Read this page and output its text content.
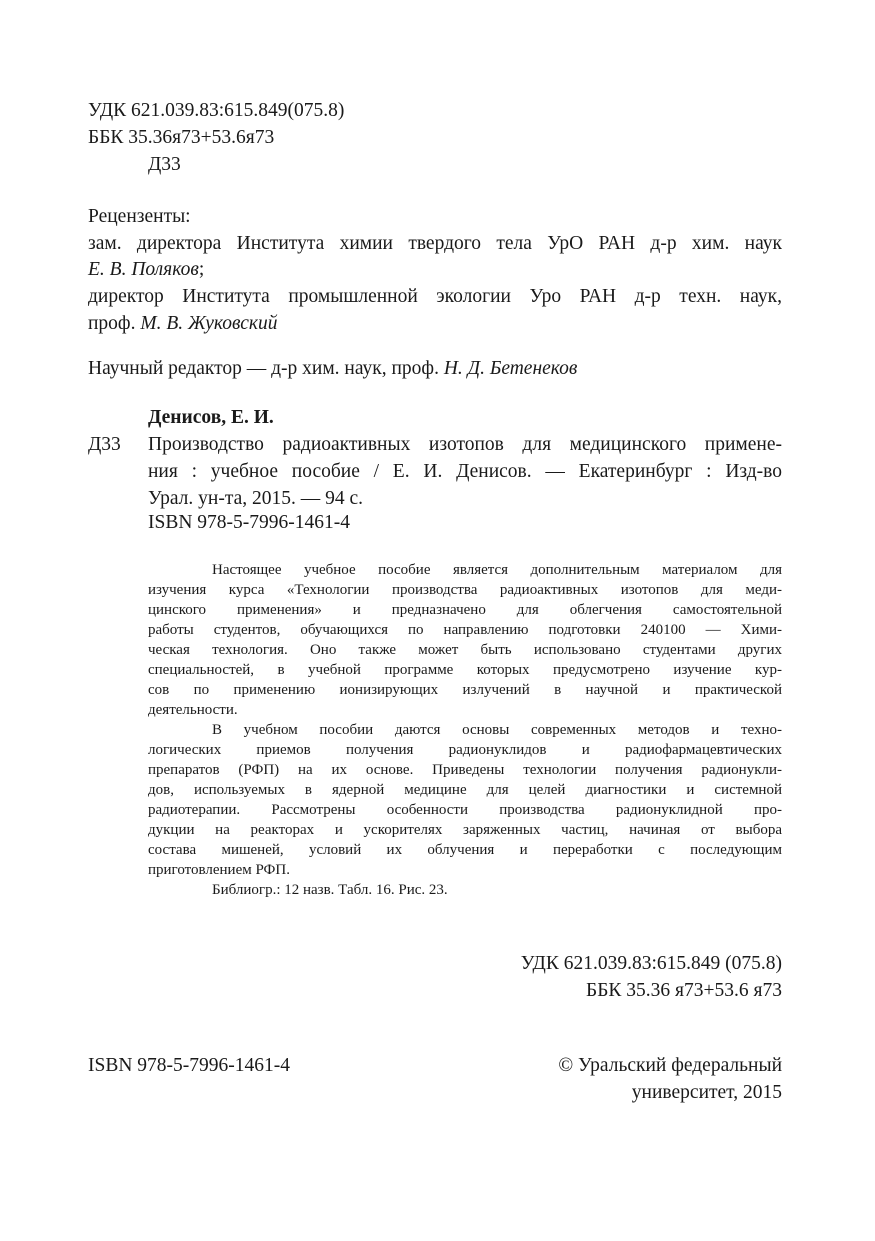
УДК 621.039.83:615.849(075.8)
ББК 35.36я73+53.6я73
Д33
Рецензенты:
зам. директора Института химии твердого тела УрО РАН д-р хим. наук
Е. В. Поляков;
директор Института промышленной экологии Уро РАН д-р техн. наук,
проф. М. В. Жуковский
Научный редактор — д-р хим. наук, проф. Н. Д. Бетенеков
Денисов, Е. И.
Д33 Производство радиоактивных изотопов для медицинского примене-
ния : учебное пособие / Е. И. Денисов. — Екатеринбург : Изд-во
Урал. ун-та, 2015. — 94 с.
ISBN 978-5-7996-1461-4
Настоящее учебное пособие является дополнительным материалом для
изучения курса «Технологии производства радиоактивных изотопов для меди-
цинского применения» и предназначено для облегчения самостоятельной
работы студентов, обучающихся по направлению подготовки 240100 — Хими-
ческая технология. Оно также может быть использовано студентами других
специальностей, в учебной программе которых предусмотрено изучение кур-
сов по применению ионизирующих излучений в научной и практической
деятельности.
В учебном пособии даются основы современных методов и техно-
логических приемов получения радионуклидов и радиофармацевтических
препаратов (РФП) на их основе. Приведены технологии получения радионукли-
дов, используемых в ядерной медицине для целей диагностики и системной
радиотерапии. Рассмотрены особенности производства радионуклидной про-
дукции на реакторах и ускорителях заряженных частиц, начиная от выбора
состава мишеней, условий их облучения и переработки с последующим
приготовлением РФП.
Библиогр.: 12 назв. Табл. 16. Рис. 23.
УДК 621.039.83:615.849 (075.8)
ББК 35.36 я73+53.6 я73
ISBN 978-5-7996-1461-4	© Уральский федеральный
университет, 2015
